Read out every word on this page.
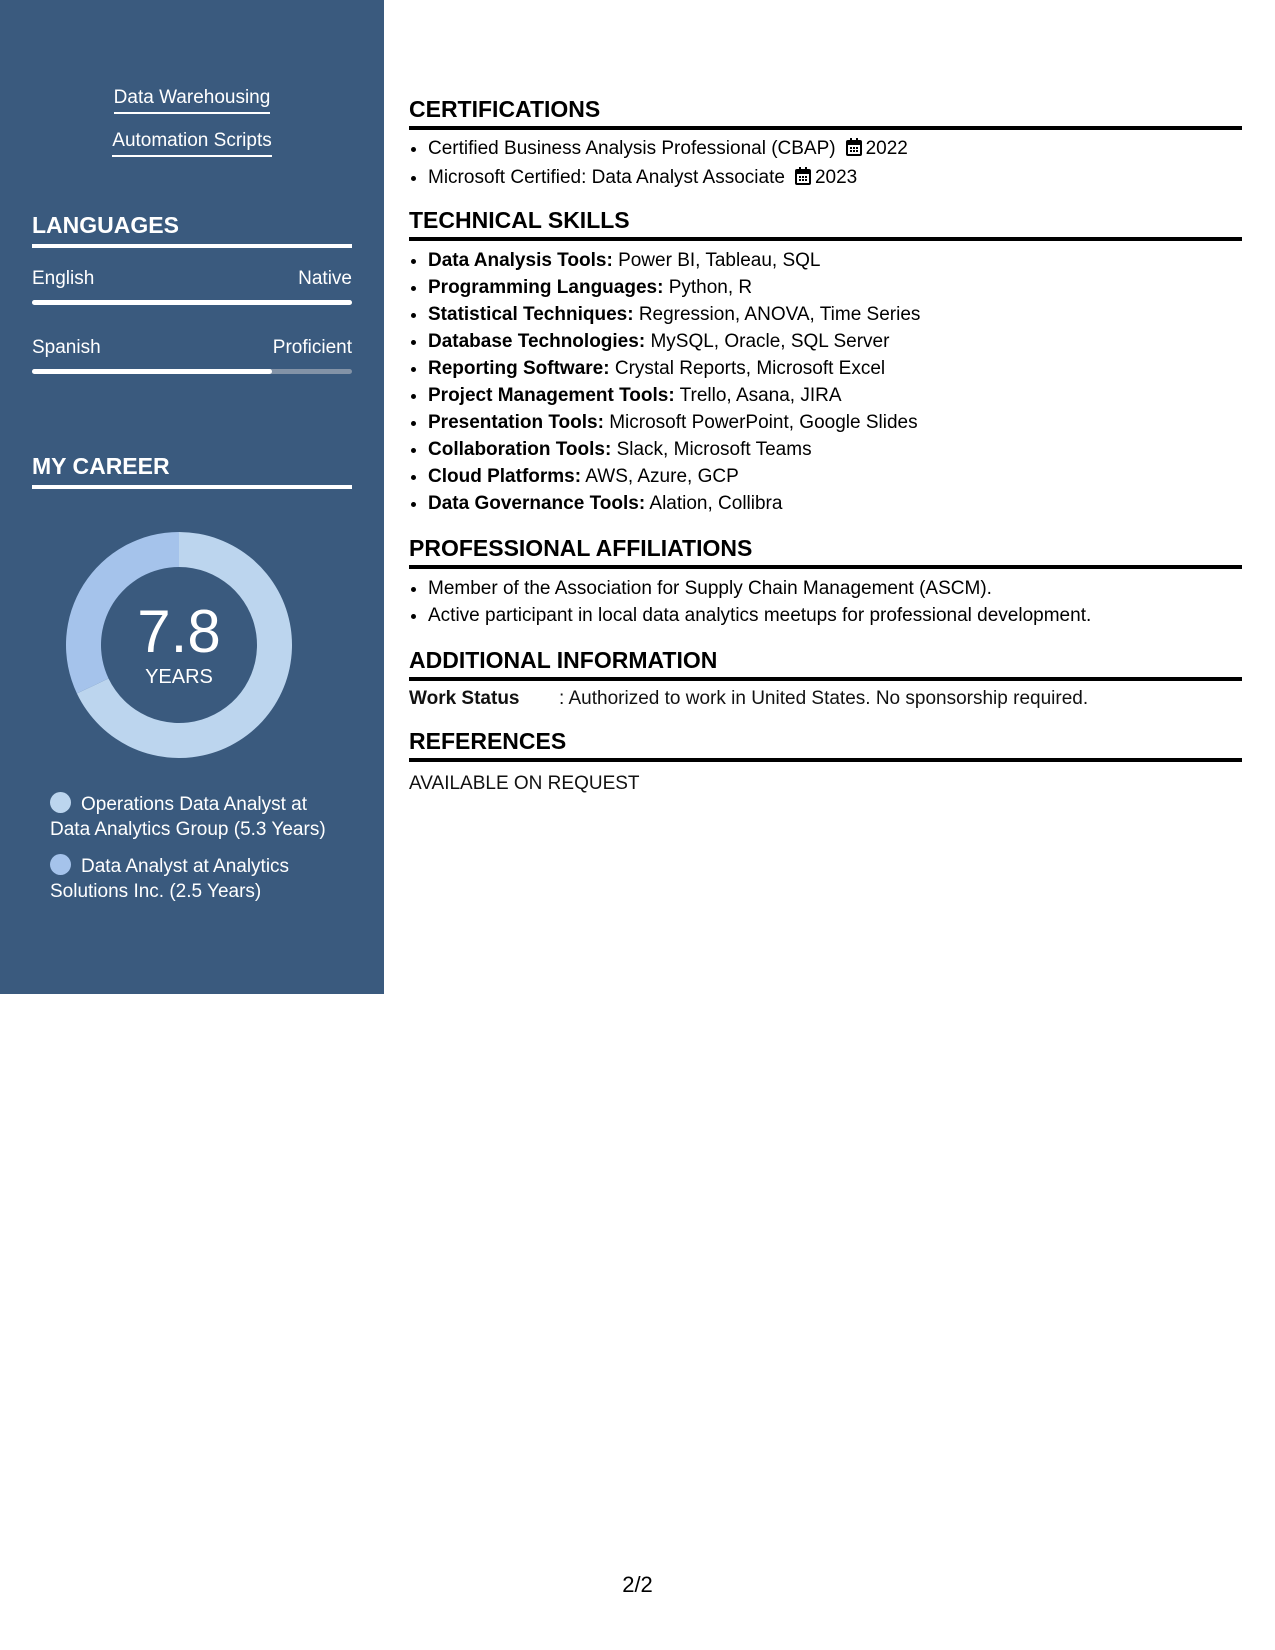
Data Warehousing
Automation Scripts
LANGUAGES
English	Native
Spanish	Proficient
MY CAREER
7.8
YEARS
Operations Data Analyst at Data Analytics Group (5.3 Years)
Data Analyst at Analytics Solutions Inc. (2.5 Years)
CERTIFICATIONS
• Certified Business Analysis Professional (CBAP) 2022
• Microsoft Certified: Data Analyst Associate 2023
TECHNICAL SKILLS
• Data Analysis Tools: Power BI, Tableau, SQL
• Programming Languages: Python, R
• Statistical Techniques: Regression, ANOVA, Time Series
• Database Technologies: MySQL, Oracle, SQL Server
• Reporting Software: Crystal Reports, Microsoft Excel
• Project Management Tools: Trello, Asana, JIRA
• Presentation Tools: Microsoft PowerPoint, Google Slides
• Collaboration Tools: Slack, Microsoft Teams
• Cloud Platforms: AWS, Azure, GCP
• Data Governance Tools: Alation, Collibra
PROFESSIONAL AFFILIATIONS
• Member of the Association for Supply Chain Management (ASCM).
• Active participant in local data analytics meetups for professional development.
ADDITIONAL INFORMATION
Work Status : Authorized to work in United States. No sponsorship required.
REFERENCES
AVAILABLE ON REQUEST
2/2
